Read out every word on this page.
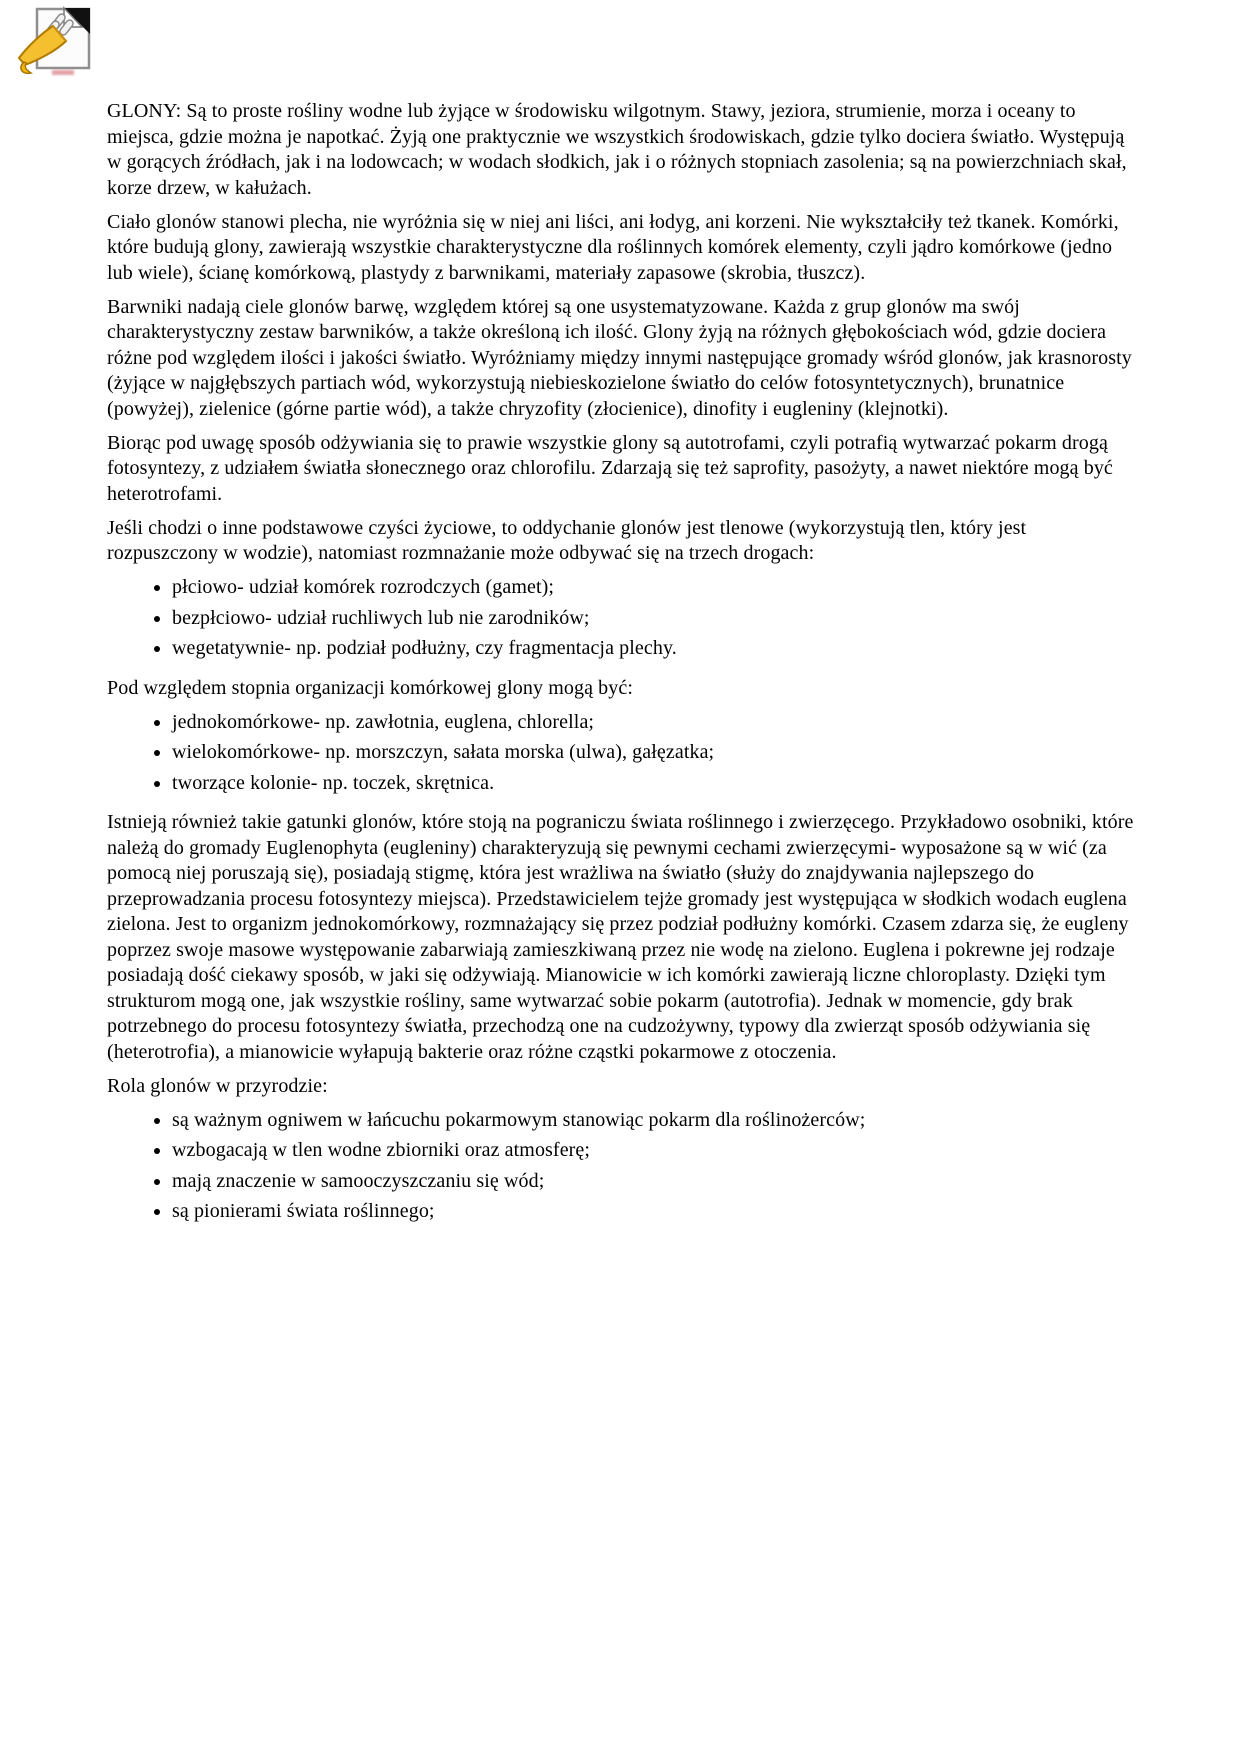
GLONY: Są to proste rośliny wodne lub żyjące w środowisku wilgotnym. Stawy, jeziora, strumienie, morza i oceany to miejsca, gdzie można je napotkać. Żyją one praktycznie we wszystkich środowiskach, gdzie tylko dociera światło. Występują w gorących źródłach, jak i na lodowcach; w wodach słodkich, jak i o różnych stopniach zasolenia; są na powierzchniach skał, korze drzew, w kałużach.

Ciało glonów stanowi plecha, nie wyróżnia się w niej ani liści, ani łodyg, ani korzeni. Nie wykształciły też tkanek. Komórki, które budują glony, zawierają wszystkie charakterystyczne dla roślinnych komórek elementy, czyli jądro komórkowe (jedno lub wiele), ścianę komórkową, plastydy z barwnikami, materiały zapasowe (skrobia, tłuszcz).

Barwniki nadają ciele glonów barwę, względem której są one usystematyzowane. Każda z grup glonów ma swój charakterystyczny zestaw barwników, a także określoną ich ilość. Glony żyją na różnych głębokościach wód, gdzie dociera różne pod względem ilości i jakości światło. Wyróżniamy między innymi następujące gromady wśród glonów, jak krasnorosty (żyjące w najgłębszych partiach wód, wykorzystują niebieskozielone światło do celów fotosyntetycznych), brunatnice (powyżej), zielenice (górne partie wód), a także chryzofity (złocienice), dinofity i eugleniny (klejnotki).

Biorąc pod uwagę sposób odżywiania się to prawie wszystkie glony są autotrofami, czyli potrafią wytwarzać pokarm drogą fotosyntezy, z udziałem światła słonecznego oraz chlorofilu. Zdarzają się też saprofity, pasożyty, a nawet niektóre mogą być heterotrofami.

Jeśli chodzi o inne podstawowe czyści życiowe, to oddychanie glonów jest tlenowe (wykorzystują tlen, który jest rozpuszczony w wodzie), natomiast rozmnażanie może odbywać się na trzech drogach:

• płciowo- udział komórek rozrodczych (gamet);
• bezpłciowo- udział ruchliwych lub nie zarodników;
• wegetatywnie- np. podział podłużny, czy fragmentacja plechy.

Pod względem stopnia organizacji komórkowej glony mogą być:

• jednokomórkowe- np. zawłotnia, euglena, chlorella;
• wielokomórkowe- np. morszczyn, sałata morska (ulwa), gałęzatka;
• tworzące kolonie- np. toczek, skrętnica.

Istnieją również takie gatunki glonów, które stoją na pograniczu świata roślinnego i zwierzęcego. Przykładowo osobniki, które należą do gromady Euglenophyta (eugleniny) charakteryzują się pewnymi cechami zwierzęcymi- wyposażone są w wić (za pomocą niej poruszają się), posiadają stigmę, która jest wrażliwa na światło (służy do znajdywania najlepszego do przeprowadzania procesu fotosyntezy miejsca). Przedstawicielem tejże gromady jest występująca w słodkich wodach euglena zielona. Jest to organizm jednokomórkowy, rozmnażający się przez podział podłużny komórki. Czasem zdarza się, że eugleny poprzez swoje masowe występowanie zabarwiają zamieszkiwaną przez nie wodę na zielono. Euglena i pokrewne jej rodzaje posiadają dość ciekawy sposób, w jaki się odżywiają. Mianowicie w ich komórki zawierają liczne chloroplasty. Dzięki tym strukturom mogą one, jak wszystkie rośliny, same wytwarzać sobie pokarm (autotrofia). Jednak w momencie, gdy brak potrzebnego do procesu fotosyntezy światła, przechodzą one na cudzożywny, typowy dla zwierząt sposób odżywiania się (heterotrofia), a mianowicie wyłapują bakterie oraz różne cząstki pokarmowe z otoczenia.

Rola glonów w przyrodzie:

• są ważnym ogniwem w łańcuchu pokarmowym stanowiąc pokarm dla roślinożerców;
• wzbogacają w tlen wodne zbiorniki oraz atmosferę;
• mają znaczenie w samooczyszczaniu się wód;
• są pionierami świata roślinnego;
